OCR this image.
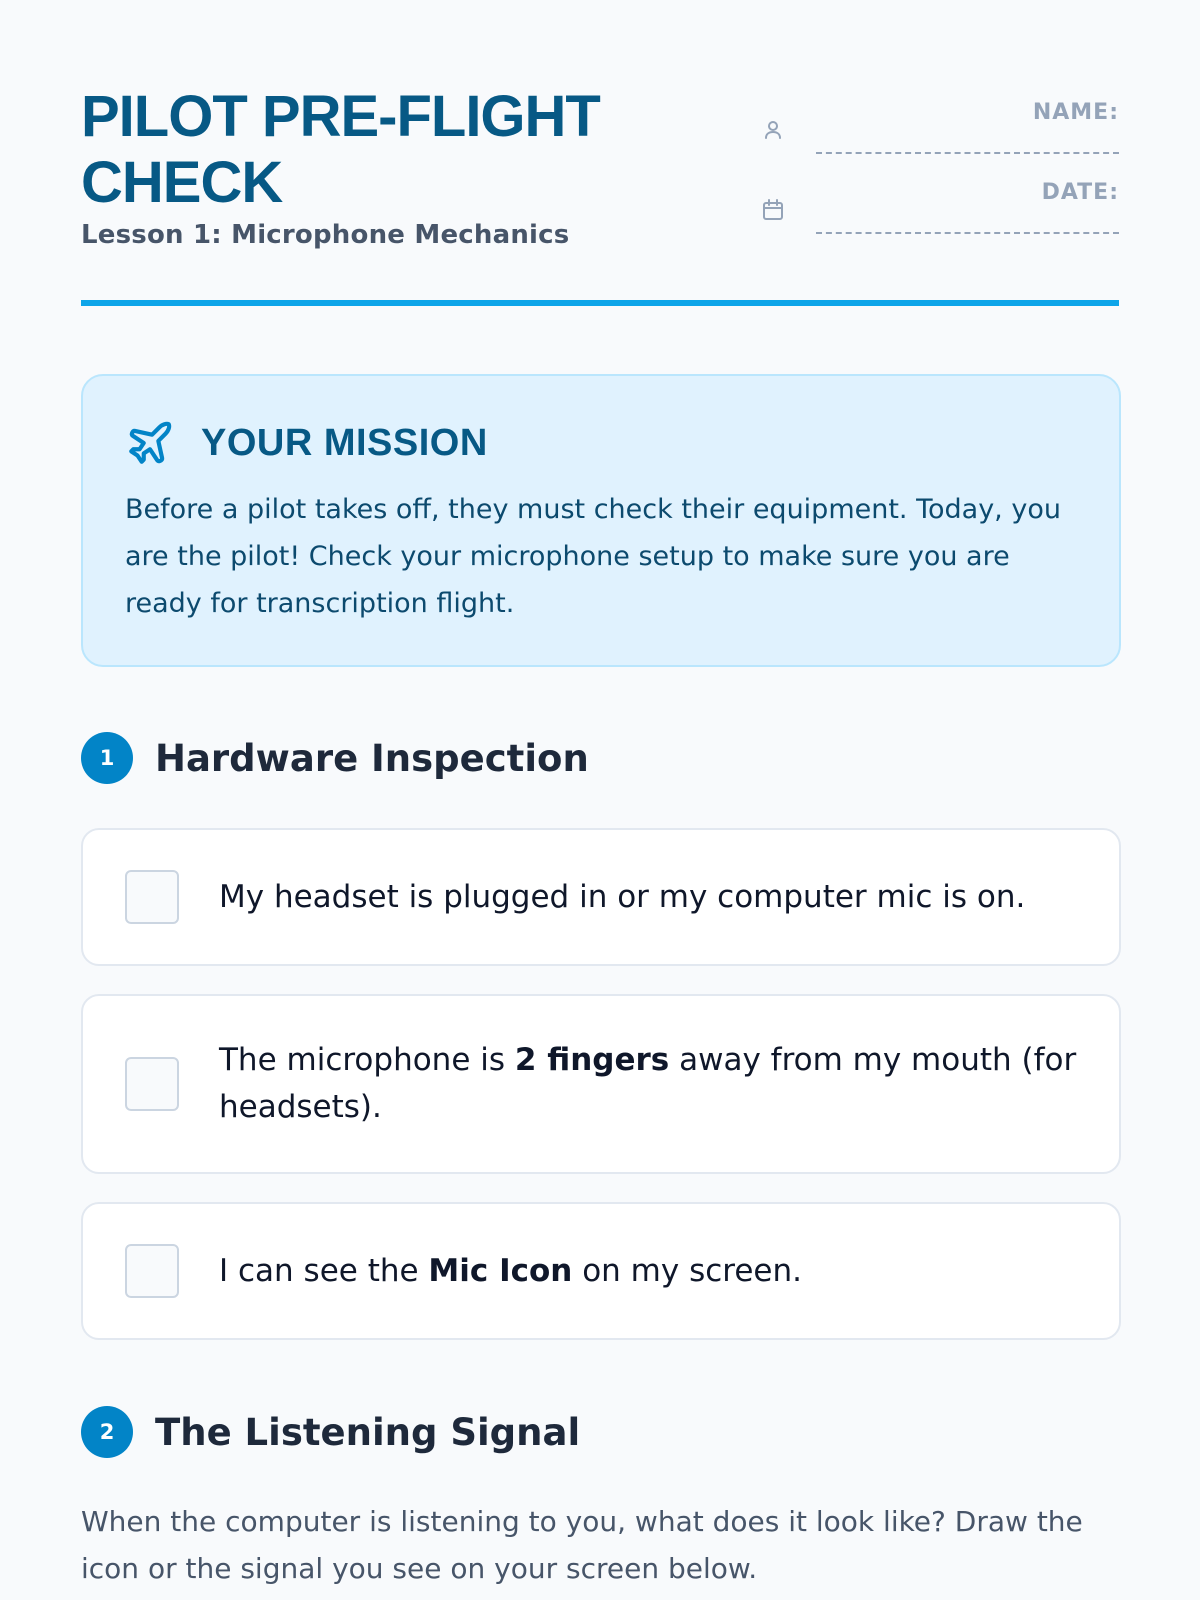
PILOT PRE-FLIGHT CHECK
Lesson 1: Microphone Mechanics
NAME:
DATE:
YOUR MISSION

Before a pilot takes off, they must check their equipment. Today, you are the pilot! Check your microphone setup to make sure you are ready for transcription flight.

1	Hardware Inspection

My headset is plugged in or my computer mic is on.

The microphone is 2 fingers away from my mouth (for headsets).

I can see the Mic Icon on my screen.

2	The Listening Signal

When the computer is listening to you, what does it look like? Draw the icon or the signal you see on your screen below.
